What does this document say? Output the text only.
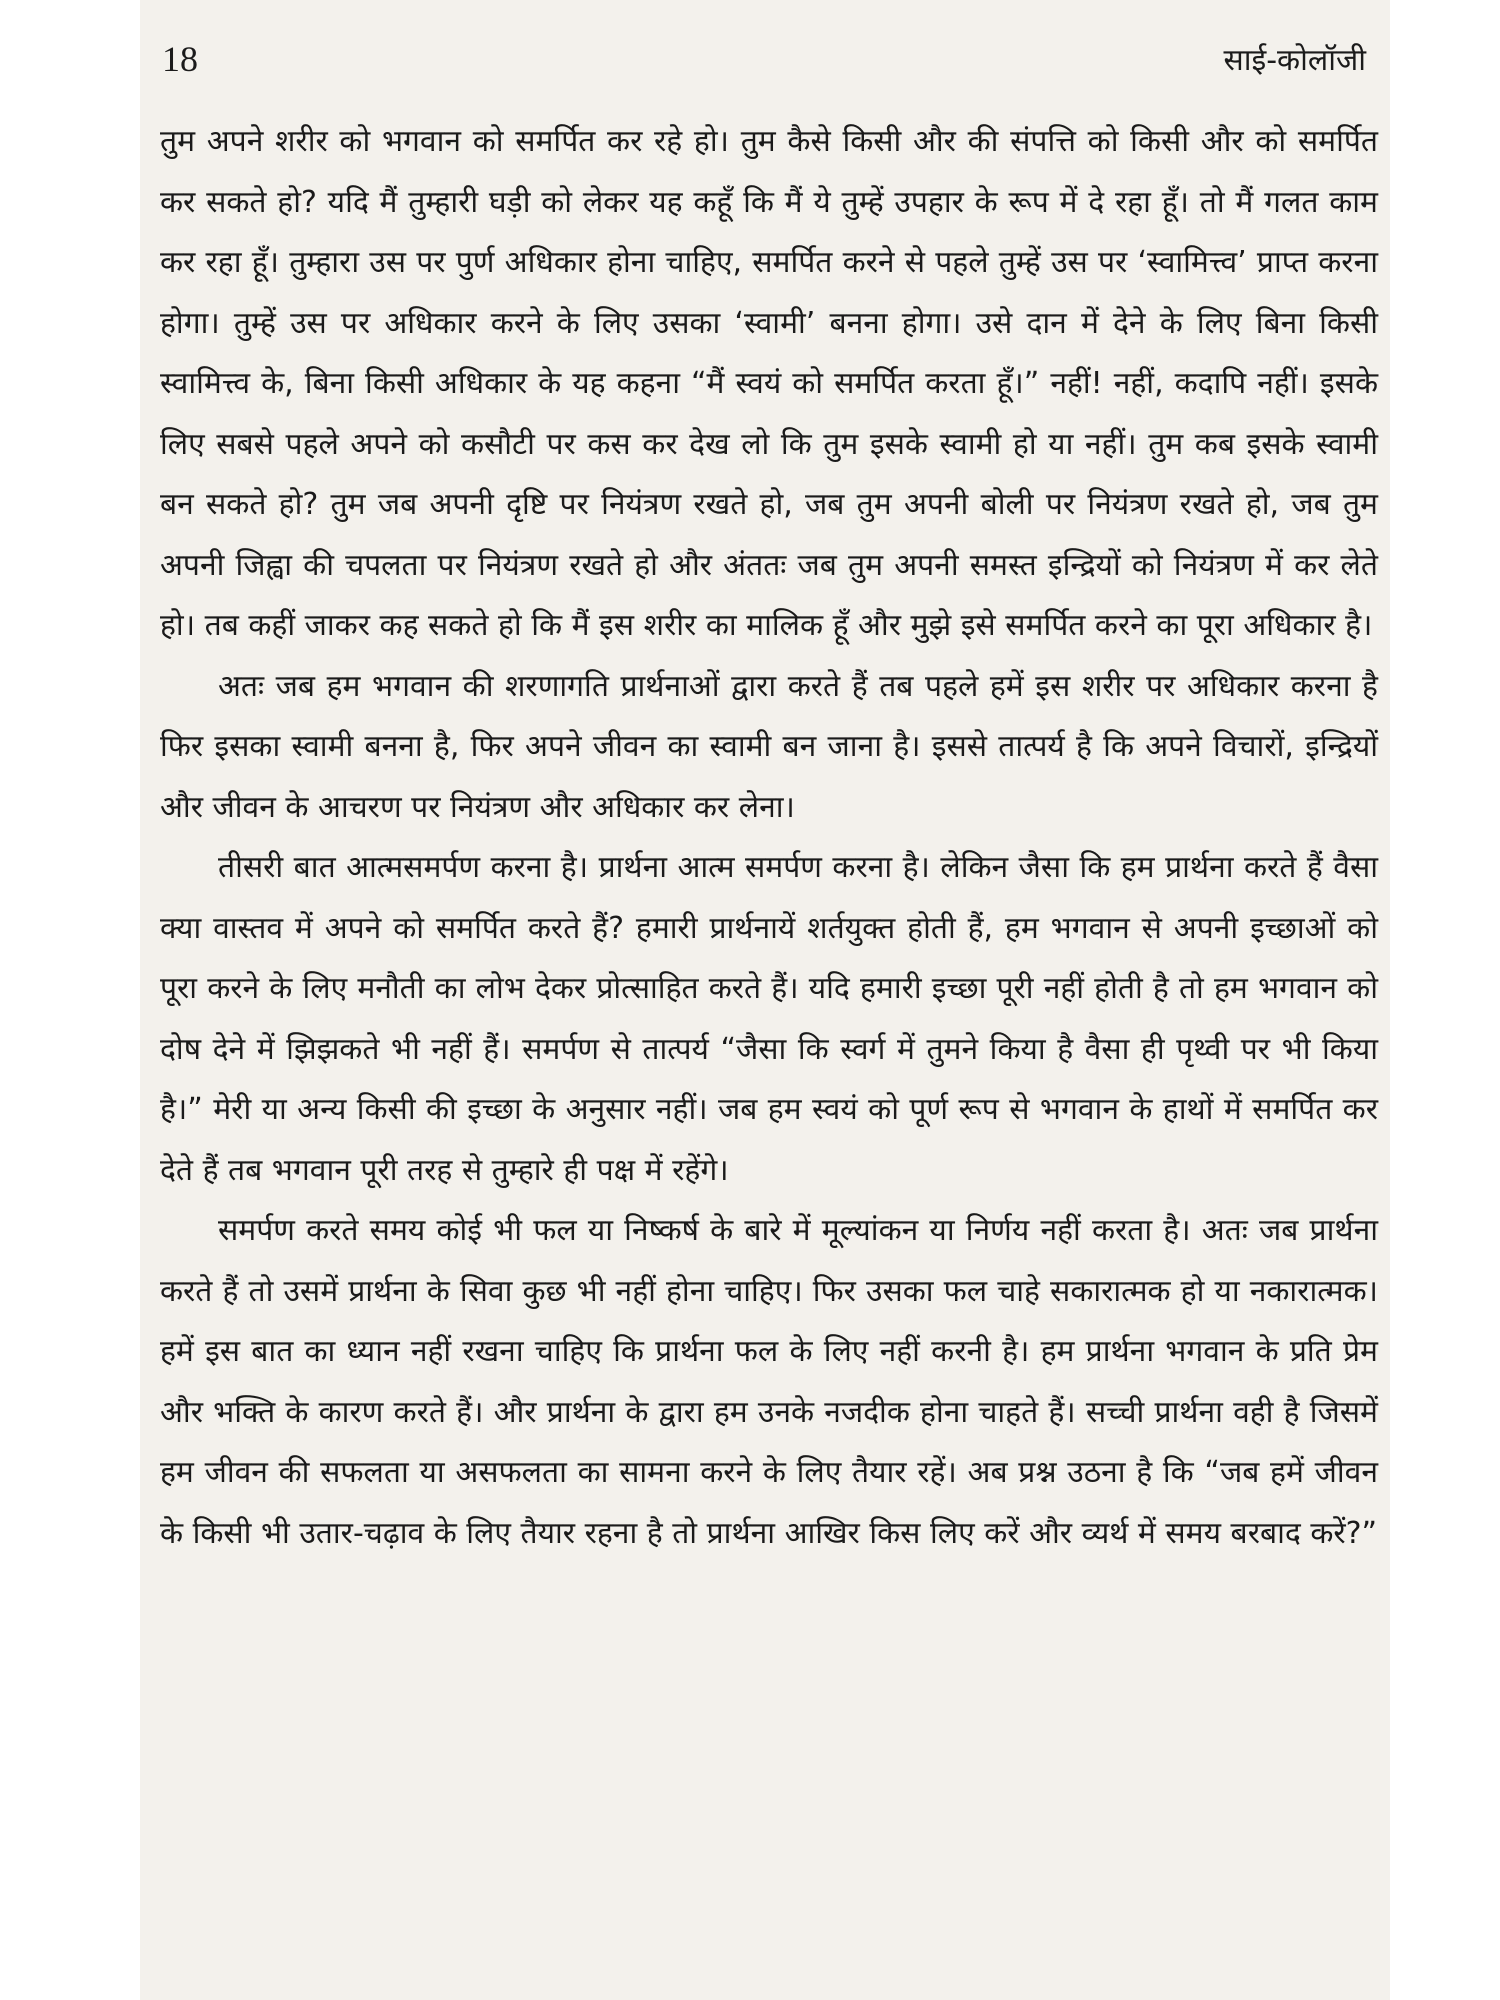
18	साई-कोलॉजी

तुम अपने शरीर को भगवान को समर्पित कर रहे हो। तुम कैसे किसी और की संपत्ति को किसी और को समर्पित कर सकते हो? यदि मैं तुम्हारी घड़ी को लेकर यह कहूँ कि मैं ये तुम्हें उपहार के रूप में दे रहा हूँ। तो मैं गलत काम कर रहा हूँ। तुम्हारा उस पर पुर्ण अधिकार होना चाहिए, समर्पित करने से पहले तुम्हें उस पर ‘स्वामित्त्व’ प्राप्त करना होगा। तुम्हें उस पर अधिकार करने के लिए उसका ‘स्वामी’ बनना होगा। उसे दान में देने के लिए बिना किसी स्वामित्त्व के, बिना किसी अधिकार के यह कहना “मैं स्वयं को समर्पित करता हूँ।” नहीं! नहीं, कदापि नहीं। इसके लिए सबसे पहले अपने को कसौटी पर कस कर देख लो कि तुम इसके स्वामी हो या नहीं। तुम कब इसके स्वामी बन सकते हो? तुम जब अपनी दृष्टि पर नियंत्रण रखते हो, जब तुम अपनी बोली पर नियंत्रण रखते हो, जब तुम अपनी जिह्वा की चपलता पर नियंत्रण रखते हो और अंततः जब तुम अपनी समस्त इन्द्रियों को नियंत्रण में कर लेते हो। तब कहीं जाकर कह सकते हो कि मैं इस शरीर का मालिक हूँ और मुझे इसे समर्पित करने का पूरा अधिकार है।

अतः जब हम भगवान की शरणागति प्रार्थनाओं द्वारा करते हैं तब पहले हमें इस शरीर पर अधिकार करना है फिर इसका स्वामी बनना है, फिर अपने जीवन का स्वामी बन जाना है। इससे तात्पर्य है कि अपने विचारों, इन्द्रियों और जीवन के आचरण पर नियंत्रण और अधिकार कर लेना।

तीसरी बात आत्मसमर्पण करना है। प्रार्थना आत्म समर्पण करना है। लेकिन जैसा कि हम प्रार्थना करते हैं वैसा क्या वास्तव में अपने को समर्पित करते हैं? हमारी प्रार्थनायें शर्तयुक्त होती हैं, हम भगवान से अपनी इच्छाओं को पूरा करने के लिए मनौती का लोभ देकर प्रोत्साहित करते हैं। यदि हमारी इच्छा पूरी नहीं होती है तो हम भगवान को दोष देने में झिझकते भी नहीं हैं। समर्पण से तात्पर्य “जैसा कि स्वर्ग में तुमने किया है वैसा ही पृथ्वी पर भी किया है।” मेरी या अन्य किसी की इच्छा के अनुसार नहीं। जब हम स्वयं को पूर्ण रूप से भगवान के हाथों में समर्पित कर देते हैं तब भगवान पूरी तरह से तुम्हारे ही पक्ष में रहेंगे।

समर्पण करते समय कोई भी फल या निष्कर्ष के बारे में मूल्यांकन या निर्णय नहीं करता है। अतः जब प्रार्थना करते हैं तो उसमें प्रार्थना के सिवा कुछ भी नहीं होना चाहिए। फिर उसका फल चाहे सकारात्मक हो या नकारात्मक। हमें इस बात का ध्यान नहीं रखना चाहिए कि प्रार्थना फल के लिए नहीं करनी है। हम प्रार्थना भगवान के प्रति प्रेम और भक्ति के कारण करते हैं। और प्रार्थना के द्वारा हम उनके नजदीक होना चाहते हैं। सच्ची प्रार्थना वही है जिसमें हम जीवन की सफलता या असफलता का सामना करने के लिए तैयार रहें। अब प्रश्न उठना है कि “जब हमें जीवन के किसी भी उतार-चढ़ाव के लिए तैयार रहना है तो प्रार्थना आखिर किस लिए करें और व्यर्थ में समय बरबाद करें?”
